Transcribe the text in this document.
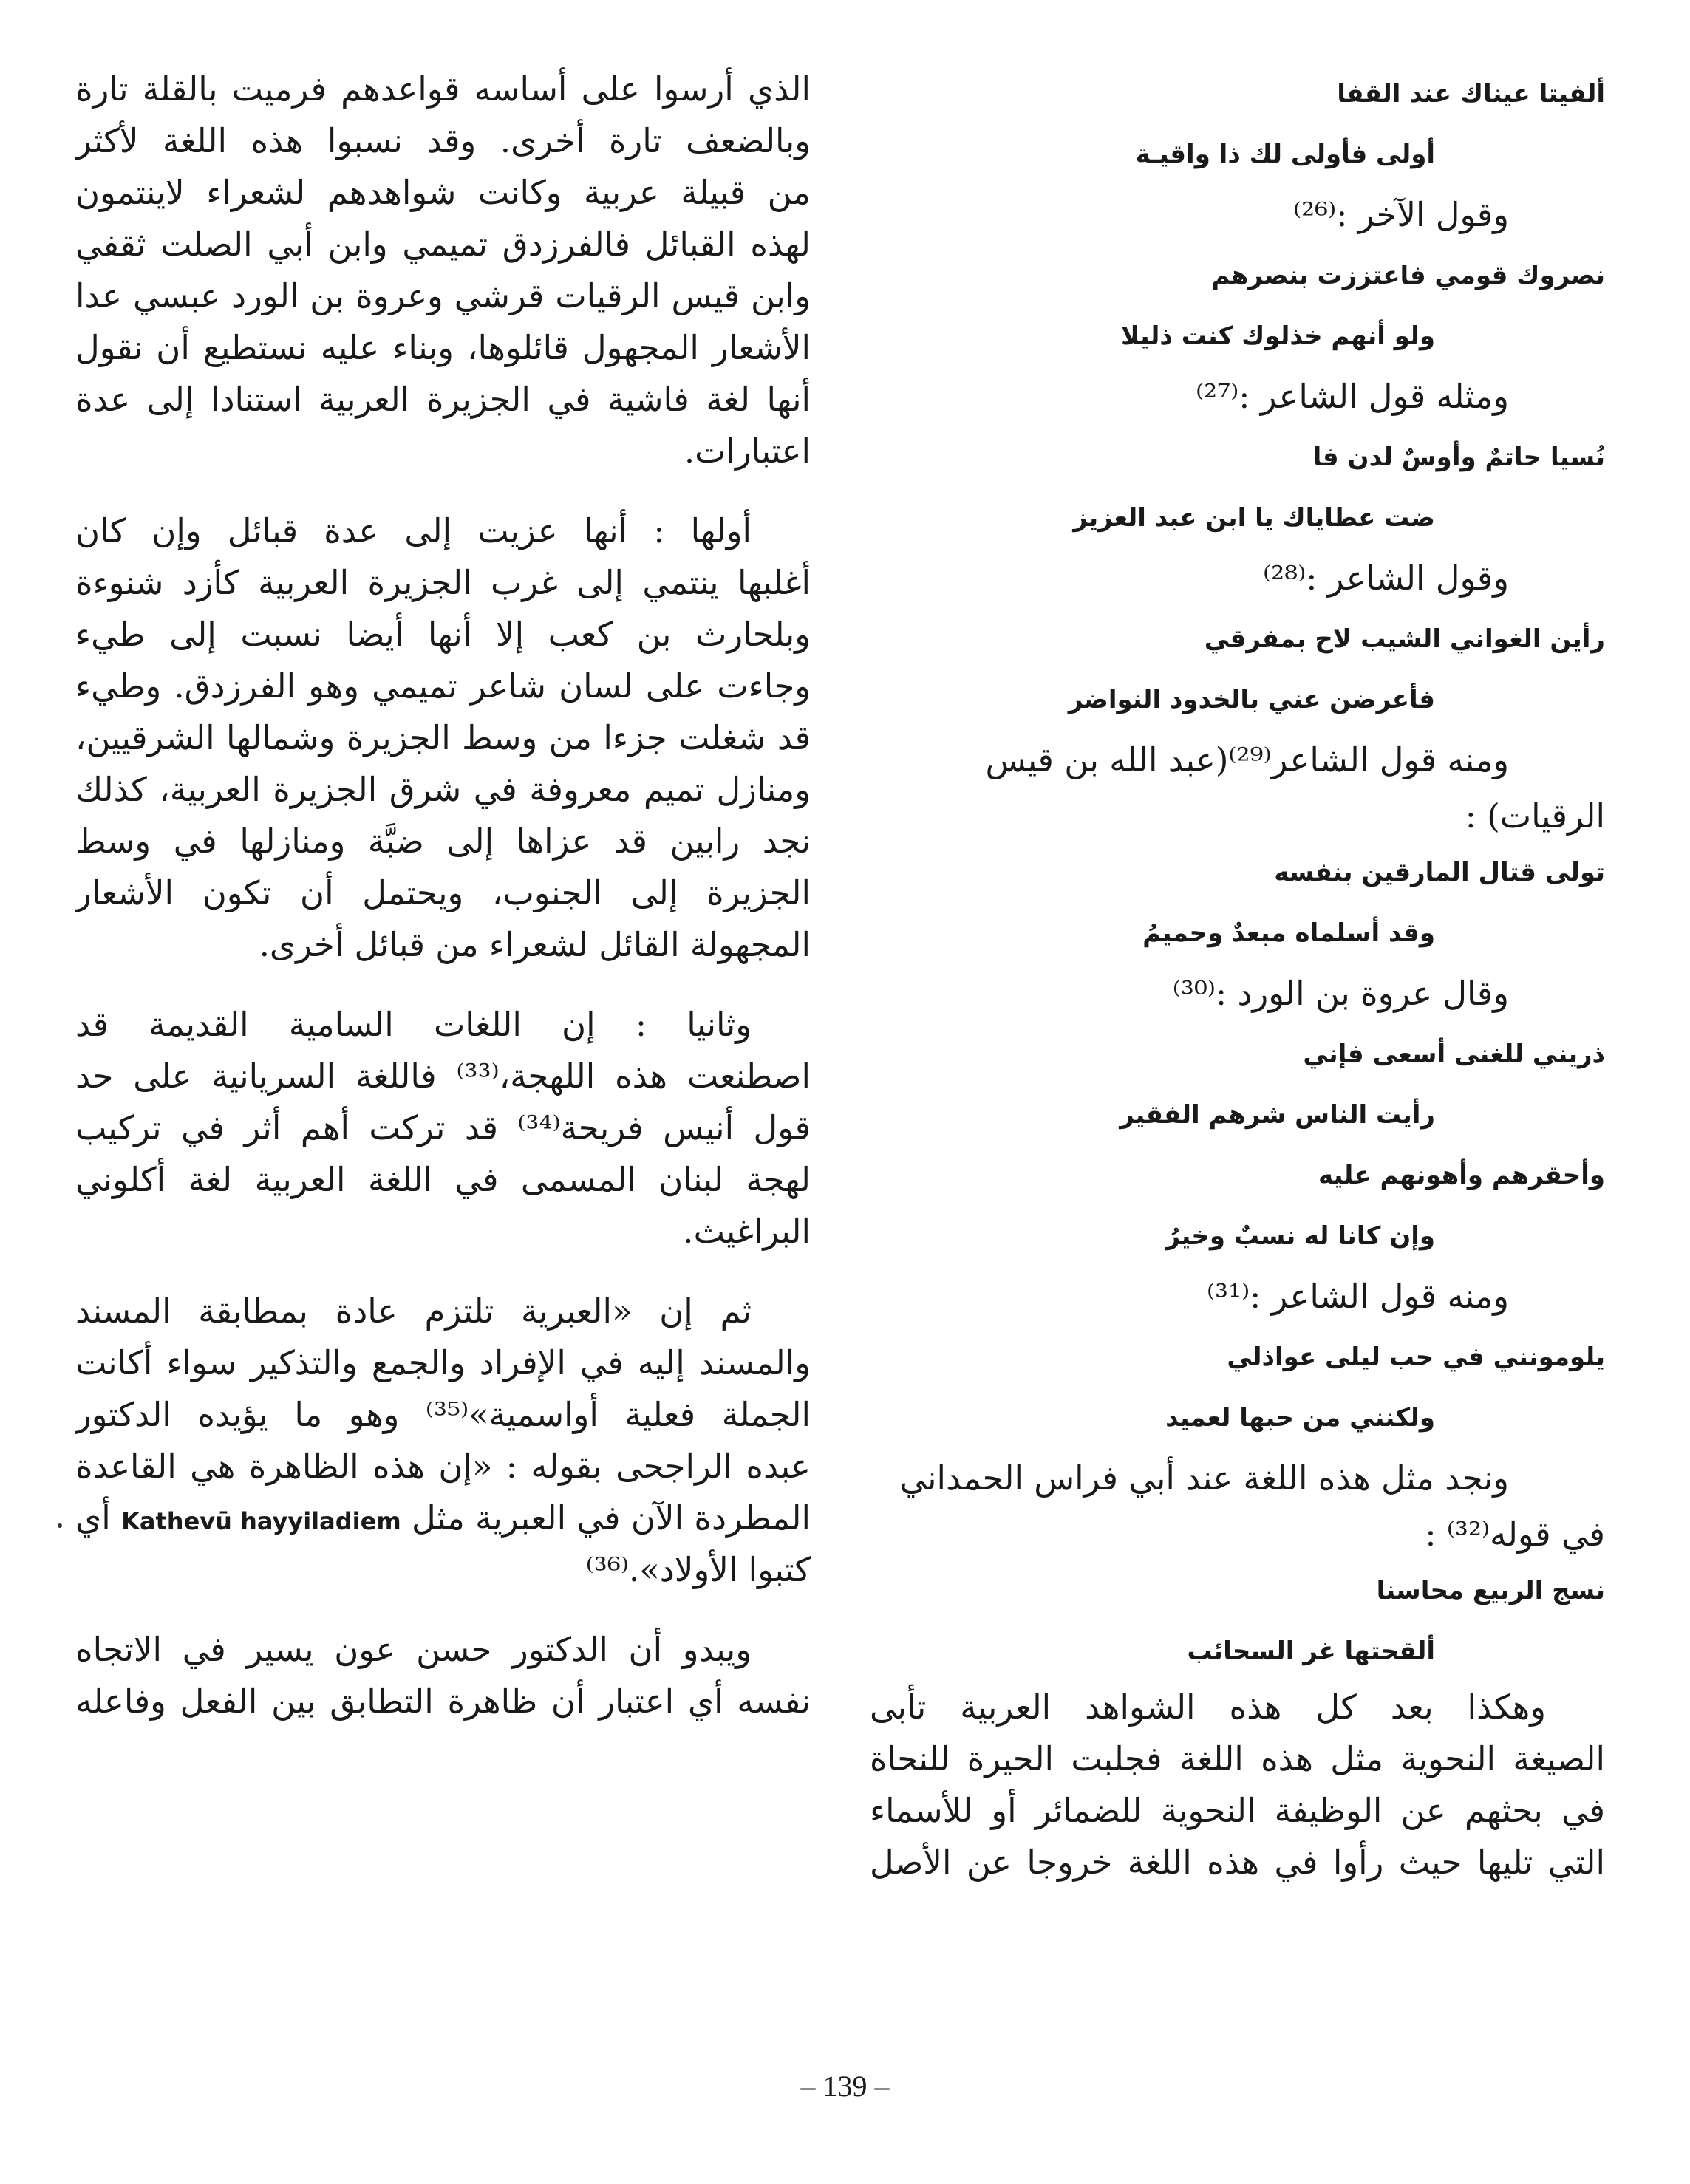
ألفيتا عيناك عند القفا
أولى فأولى لك ذا واقيـة
وقول الآخر :⁽²⁶⁾
نصروك قومي فاعتززت بنصرهم
ولو أنهم خذلوك كنت ذليلا
ومثله قول الشاعر :⁽²⁷⁾
نُسيا حاتمٌ وأوسٌ لدن فا
ضت عطاياك يا ابن عبد العزيز
وقول الشاعر :⁽²⁸⁾
رأين الغواني الشيب لاح بمفرقي
فأعرضن عني بالخدود النواضر
ومنه قول الشاعر⁽²⁹⁾(عبد الله بن قيس
الرقيات) :
تولى قتال المارقين بنفسه
وقد أسلماه مبعدٌ وحميمُ
وقال عروة بن الورد :⁽³⁰⁾
ذريني للغنى أسعى فإني
رأيت الناس شرهم الفقير
وأحقرهم وأهونهم عليه
وإن كانا له نسبٌ وخيرُ
ومنه قول الشاعر :⁽³¹⁾
يلومونني في حب ليلى عواذلي
ولكنني من حبها لعميد
ونجد مثل هذه اللغة عند أبي فراس الحمداني
في قوله⁽³²⁾ :
نسج الربيع محاسنا
ألقحتها غر السحائب
وهكذا بعد كل هذه الشواهد العربية تأبى
الصيغة النحوية مثل هذه اللغة فجلبت الحيرة للنحاة
في بحثهم عن الوظيفة النحوية للضمائر أو للأسماء
التي تليها حيث رأوا في هذه اللغة خروجا عن الأصل
الذي أرسوا على أساسه قواعدهم فرميت بالقلة تارة
وبالضعف تارة أخرى. وقد نسبوا هذه اللغة لأكثر
من قبيلة عربية وكانت شواهدهم لشعراء لاينتمون
لهذه القبائل فالفرزدق تميمي وابن أبي الصلت ثقفي
وابن قيس الرقيات قرشي وعروة بن الورد عبسي عدا
الأشعار المجهول قائلوها، وبناء عليه نستطيع أن نقول
أنها لغة فاشية في الجزيرة العربية استنادا إلى عدة
اعتبارات.
أولها : أنها عزيت إلى عدة قبائل وإن كان
أغلبها ينتمي إلى غرب الجزيرة العربية كأزد شنوءة
وبلحارث بن كعب إلا أنها أيضا نسبت إلى طيء
وجاءت على لسان شاعر تميمي وهو الفرزدق. وطيء
قد شغلت جزءا من وسط الجزيرة وشمالها الشرقيين،
ومنازل تميم معروفة في شرق الجزيرة العربية، كذلك
نجد رابين قد عزاها إلى ضبَّة ومنازلها في وسط
الجزيرة إلى الجنوب، ويحتمل أن تكون الأشعار
المجهولة القائل لشعراء من قبائل أخرى.
وثانيا : إن اللغات السامية القديمة قد
اصطنعت هذه اللهجة،⁽³³⁾ فاللغة السريانية على حد
قول أنيس فريحة⁽³⁴⁾ قد تركت أهم أثر في تركيب
لهجة لبنان المسمى في اللغة العربية لغة أكلوني
البراغيث.
ثم إن «العبرية تلتزم عادة بمطابقة المسند
والمسند إليه في الإفراد والجمع والتذكير سواء أكانت
الجملة فعلية أواسمية»⁽³⁵⁾ وهو ما يؤيده الدكتور
عبده الراجحى بقوله : «إن هذه الظاهرة هي القاعدة
المطردة الآن في العبرية مثل Kathevū hayyiladiem أي
كتبوا الأولاد».⁽³⁶⁾
ويبدو أن الدكتور حسن عون يسير في الاتجاه
نفسه أي اعتبار أن ظاهرة التطابق بين الفعل وفاعله
– 139 –
